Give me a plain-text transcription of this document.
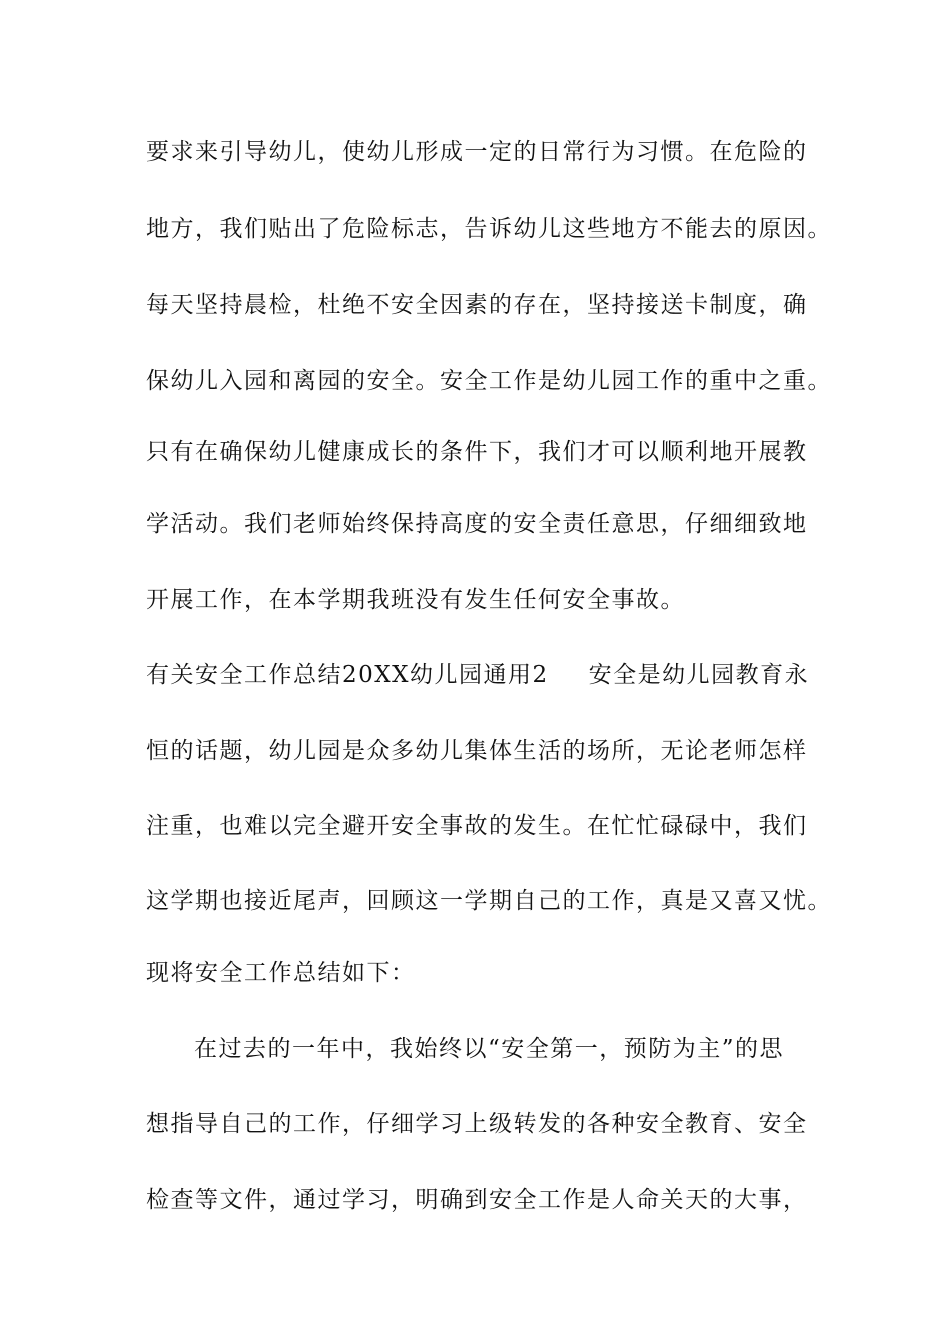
要求来引导幼儿，使幼儿形成一定的日常行为习惯。在危险的
地方，我们贴出了危险标志，告诉幼儿这些地方不能去的原因。
每天坚持晨检，杜绝不安全因素的存在，坚持接送卡制度，确
保幼儿入园和离园的安全。安全工作是幼儿园工作的重中之重。
只有在确保幼儿健康成长的条件下，我们才可以顺利地开展教
学活动。我们老师始终保持高度的安全责任意思，仔细细致地
开展工作，在本学期我班没有发生任何安全事故。
有关安全工作总结20XX幼儿园通用2 安全是幼儿园教育永
恒的话题，幼儿园是众多幼儿集体生活的场所，无论老师怎样
注重，也难以完全避开安全事故的发生。在忙忙碌碌中，我们
这学期也接近尾声，回顾这一学期自己的工作，真是又喜又忧。
现将安全工作总结如下：
在过去的一年中，我始终以“安全第一，预防为主”的思
想指导自己的工作，仔细学习上级转发的各种安全教育、安全
检查等文件，通过学习，明确到安全工作是人命关天的大事，
